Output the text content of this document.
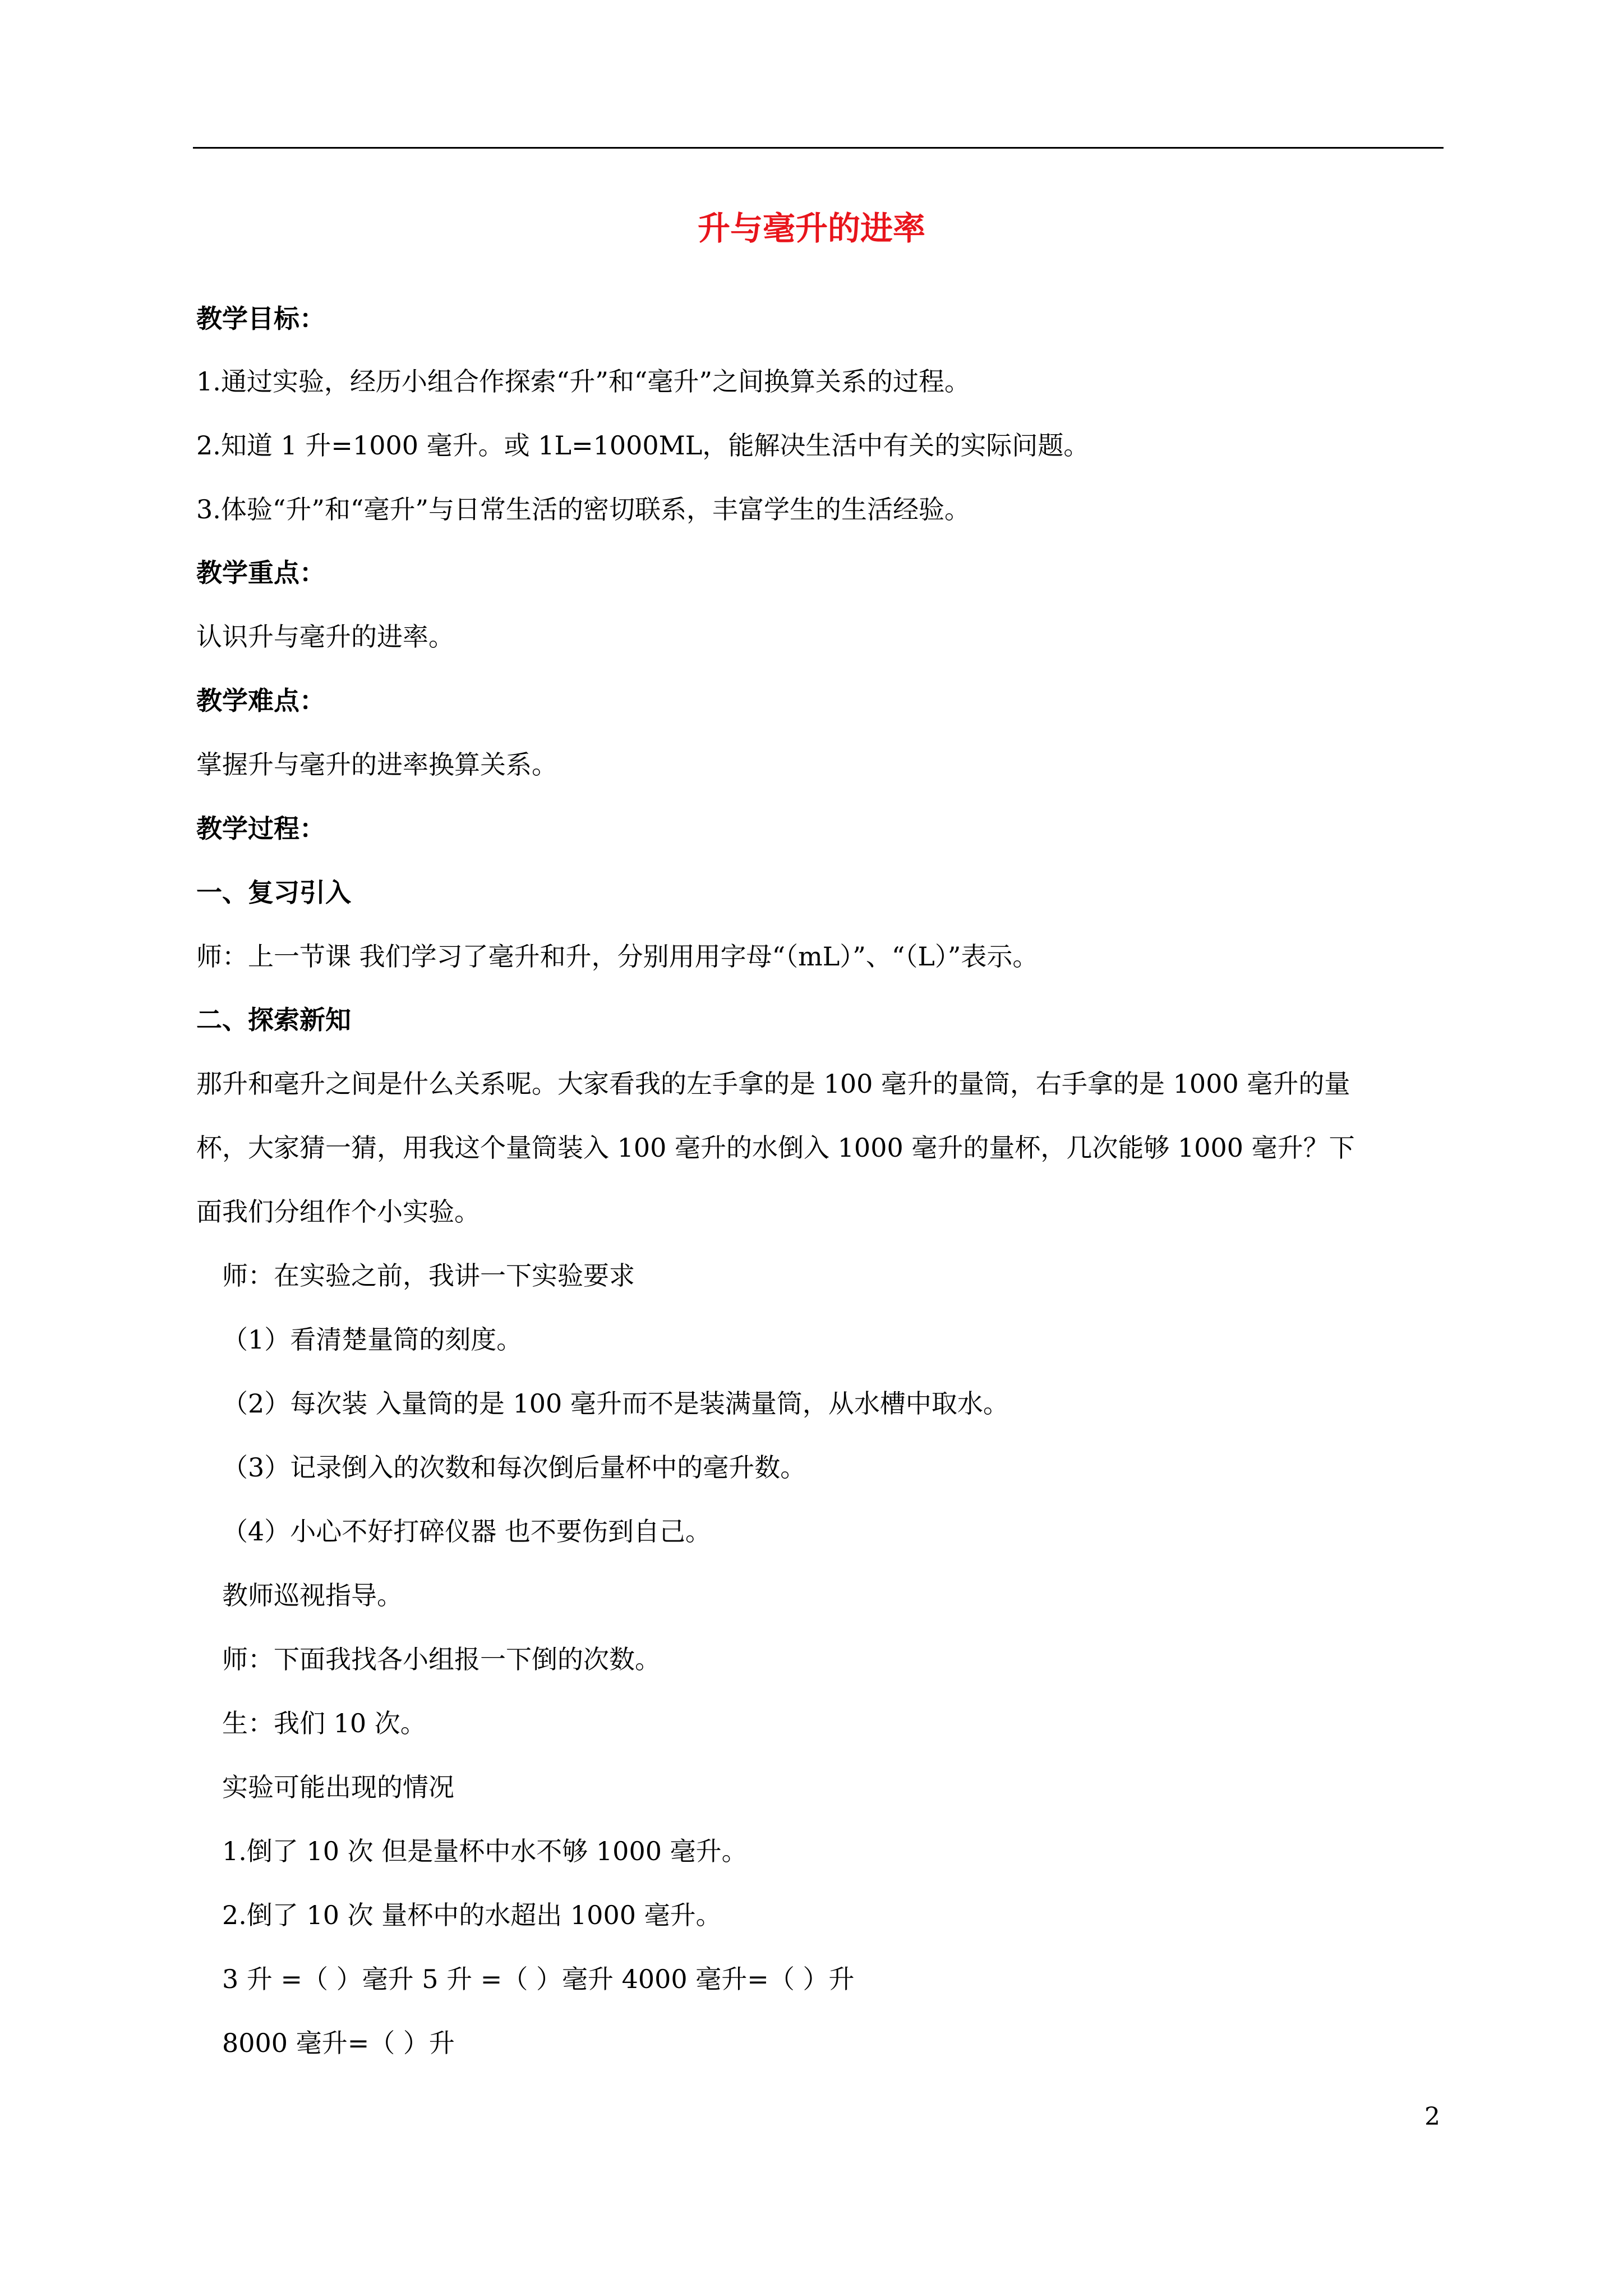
升与毫升的进率
教学目标：
1.通过实验，经历小组合作探索“升”和“毫升”之间换算关系的过程。
2.知道 1 升=1000 毫升。或 1L=1000ML，能解决生活中有关的实际问题。
3.体验“升”和“毫升”与日常生活的密切联系，丰富学生的生活经验。
教学重点：
认识升与毫升的进率。
教学难点：
掌握升与毫升的进率换算关系。
教学过程：
一、复习引入
师：上一节课 我们学习了毫升和升，分别用用字母“（mL）”、“（L）”表示。
二、探索新知
那升和毫升之间是什么关系呢。大家看我的左手拿的是 100 毫升的量筒，右手拿的是 1000 毫升的量
杯，大家猜一猜，用我这个量筒装入 100 毫升的水倒入 1000 毫升的量杯，几次能够 1000 毫升？下
面我们分组作个小实验。
师：在实验之前，我讲一下实验要求
（1）看清楚量筒的刻度。
（2）每次装 入量筒的是 100 毫升而不是装满量筒，从水槽中取水。
（3）记录倒入的次数和每次倒后量杯中的毫升数。
（4）小心不好打碎仪器 也不要伤到自己。
教师巡视指导。
师：下面我找各小组报一下倒的次数。
生：我们 10 次。
实验可能出现的情况
1.倒了 10 次 但是量杯中水不够 1000 毫升。
2.倒了 10 次 量杯中的水超出 1000 毫升。
3 升 =（ ）毫升 5 升 =（ ）毫升 4000 毫升=（ ）升
8000 毫升=（ ）升
2
